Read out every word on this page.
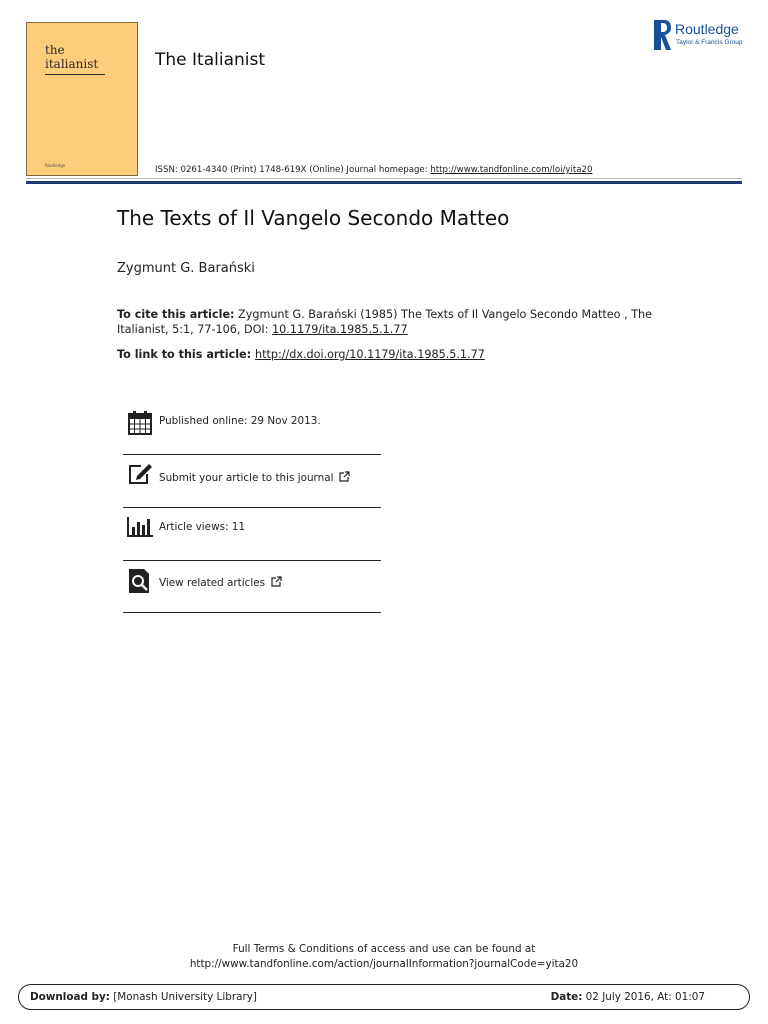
the
italianist
Routledge
The Italianist
Routledge
Taylor & Francis Group
ISSN: 0261-4340 (Print) 1748-619X (Online) Journal homepage: http://www.tandfonline.com/loi/yita20
The Texts of Il Vangelo Secondo Matteo
Zygmunt G. Barański
To cite this article: Zygmunt G. Barański (1985) The Texts of Il Vangelo Secondo Matteo , The Italianist, 5:1, 77-106, DOI: 10.1179/ita.1985.5.1.77
To link to this article: http://dx.doi.org/10.1179/ita.1985.5.1.77
Published online: 29 Nov 2013.
Submit your article to this journal
Article views: 11
View related articles
Full Terms & Conditions of access and use can be found at
http://www.tandfonline.com/action/journalInformation?journalCode=yita20
Download by: [Monash University Library]	Date: 02 July 2016, At: 01:07
